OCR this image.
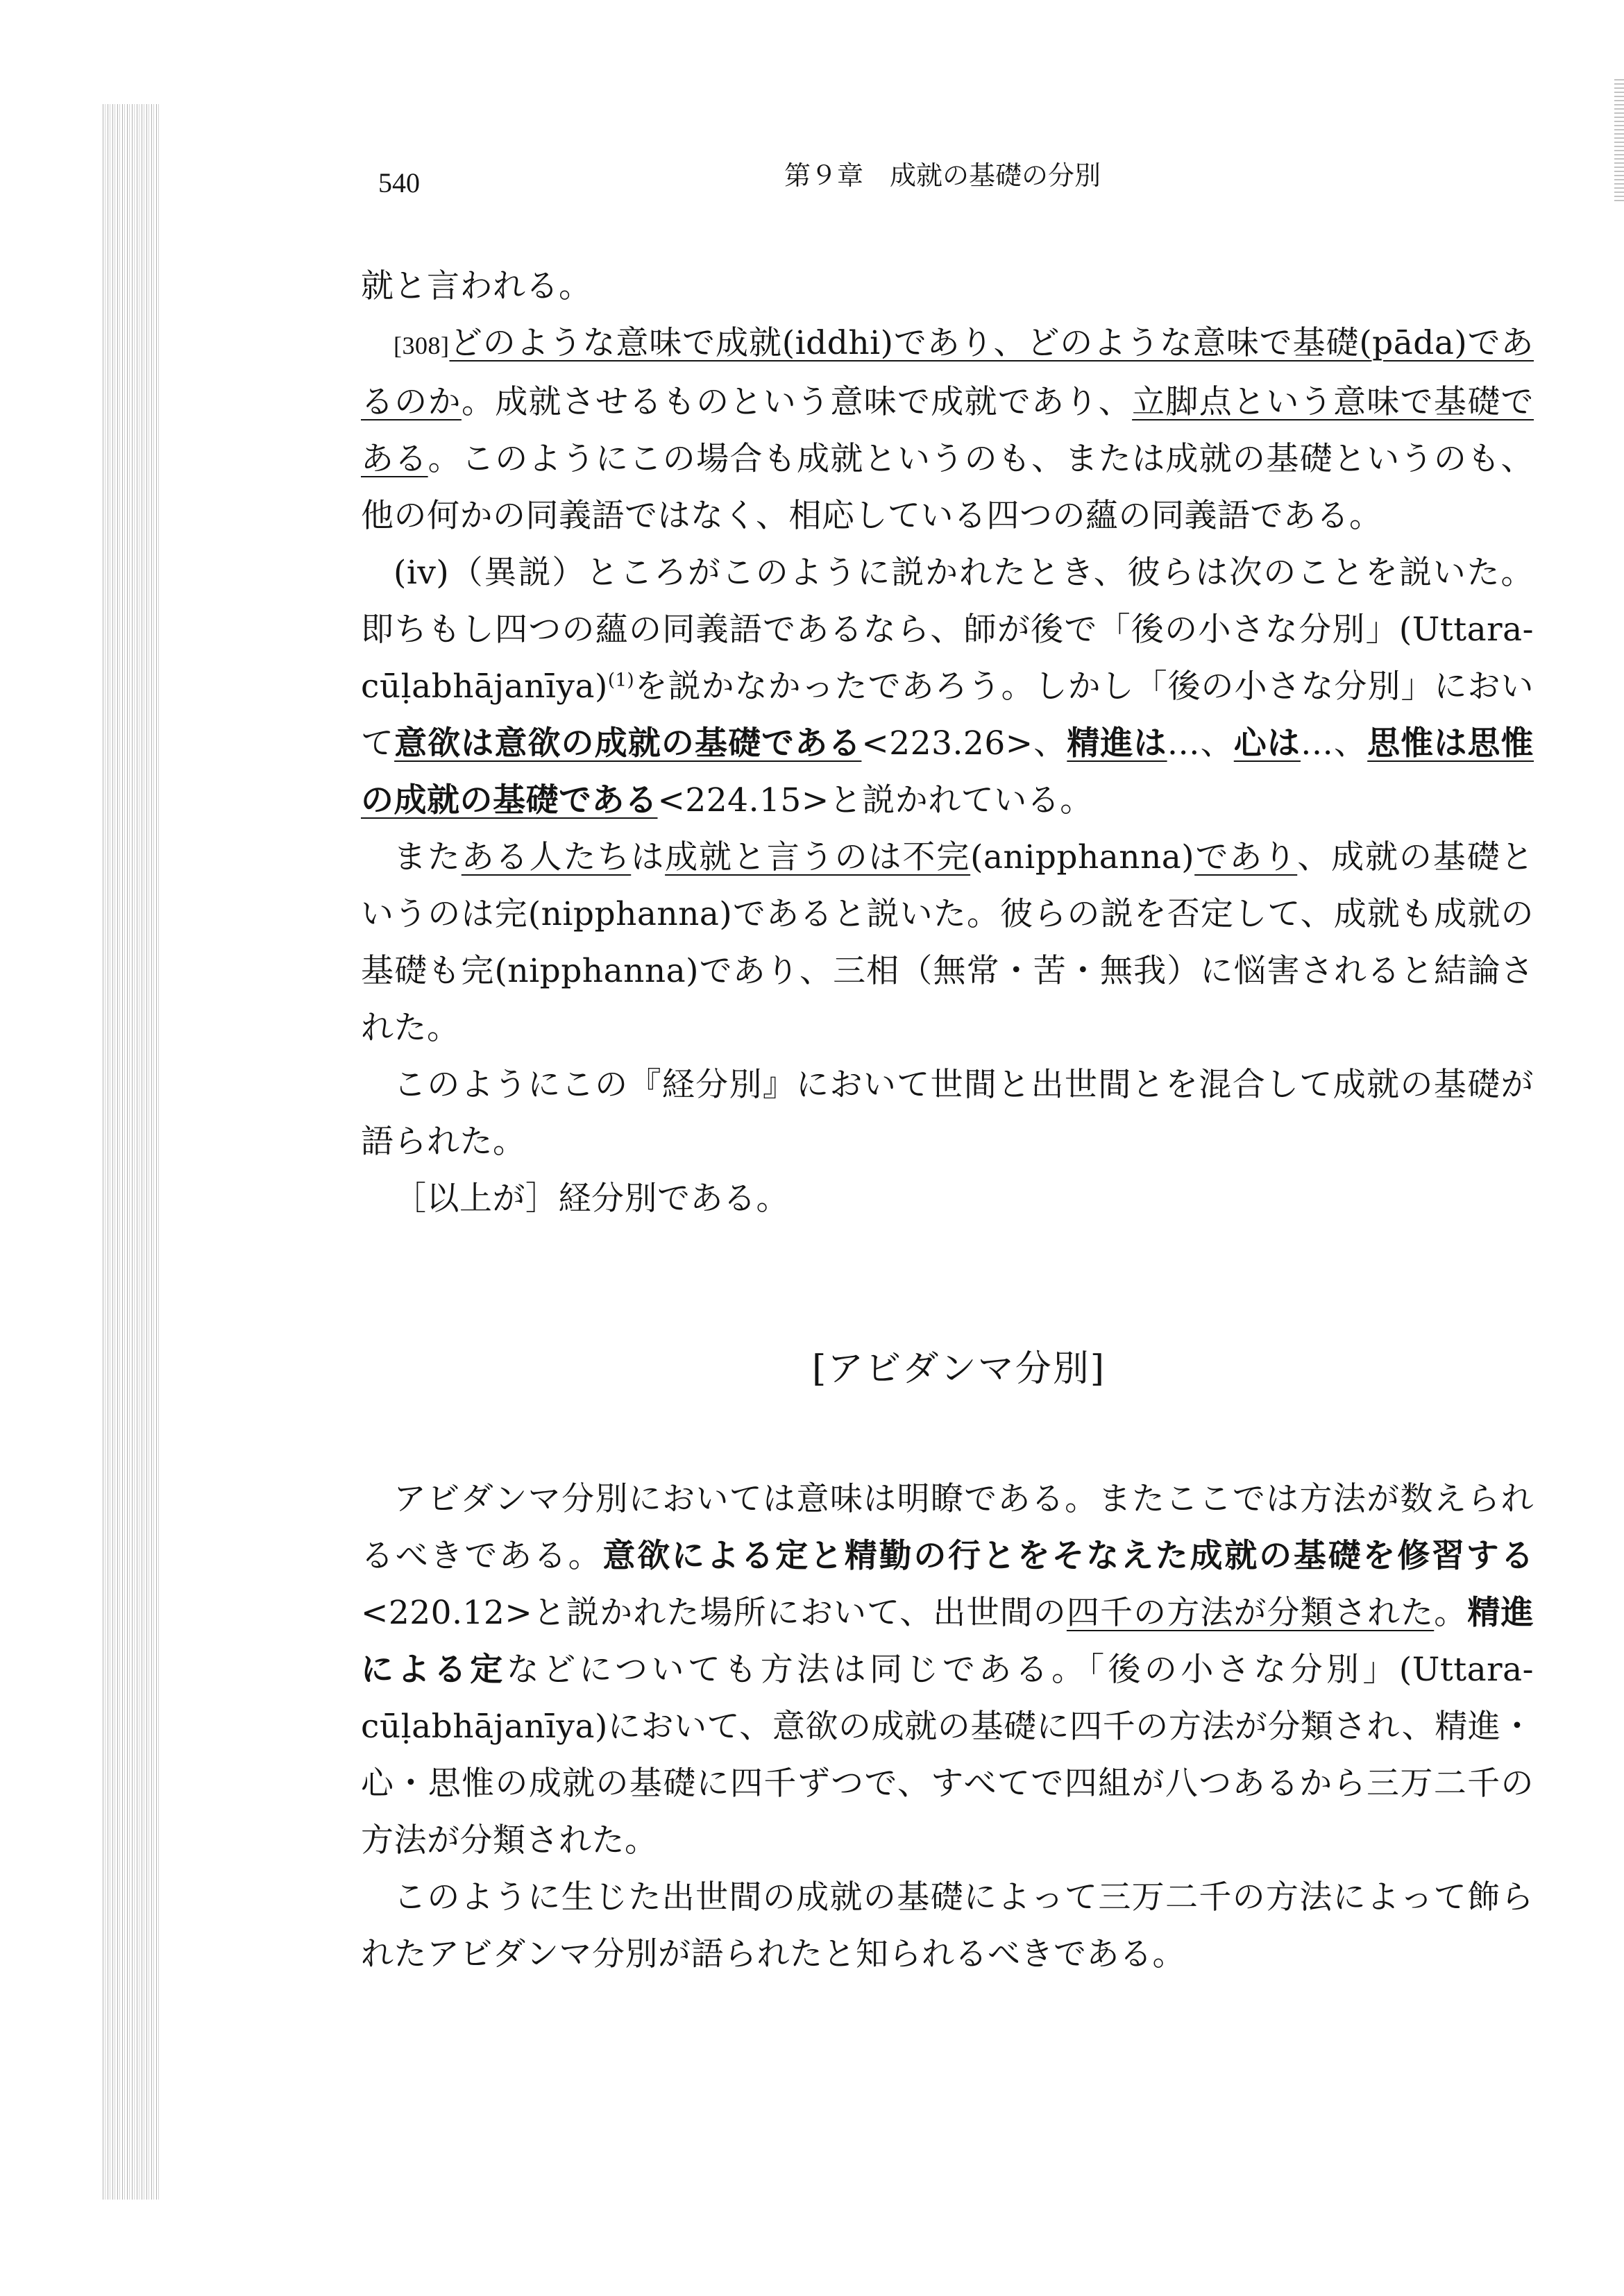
540	第９章　成就の基礎の分別

就と言われる。

[308]どのような意味で成就(iddhi)であり、どのような意味で基礎(pāda)であるのか。成就させるものという意味で成就であり、立脚点という意味で基礎である。このようにこの場合も成就というのも、または成就の基礎というのも、他の何かの同義語ではなく、相応している四つの蘊の同義語である。

(iv)（異説）ところがこのように説かれたとき、彼らは次のことを説いた。即ちもし四つの蘊の同義語であるなら、師が後で「後の小さな分別」(Uttara-cūḷabhājanīya)$^{(1)}$を説かなかったであろう。しかし「後の小さな分別」において意欲は意欲の成就の基礎である<223.26>、精進は…、心は…、思惟は思惟の成就の基礎である<224.15>と説かれている。

またある人たちは成就と言うのは不完(anipphanna)であり、成就の基礎というのは完(nipphanna)であると説いた。彼らの説を否定して、成就も成就の基礎も完(nipphanna)であり、三相（無常・苦・無我）に悩害されると結論された。

このようにこの『経分別』において世間と出世間とを混合して成就の基礎が語られた。

［以上が］経分別である。

[アビダンマ分別]

アビダンマ分別においては意味は明瞭である。またここでは方法が数えられるべきである。意欲による定と精勤の行とをそなえた成就の基礎を修習する<220.12>と説かれた場所において、出世間の四千の方法が分類された。精進による定などについても方法は同じである。「後の小さな分別」(Uttara-cūḷabhājanīya)において、意欲の成就の基礎に四千の方法が分類され、精進・心・思惟の成就の基礎に四千ずつで、すべてで四組が八つあるから三万二千の方法が分類された。

このように生じた出世間の成就の基礎によって三万二千の方法によって飾られたアビダンマ分別が語られたと知られるべきである。
